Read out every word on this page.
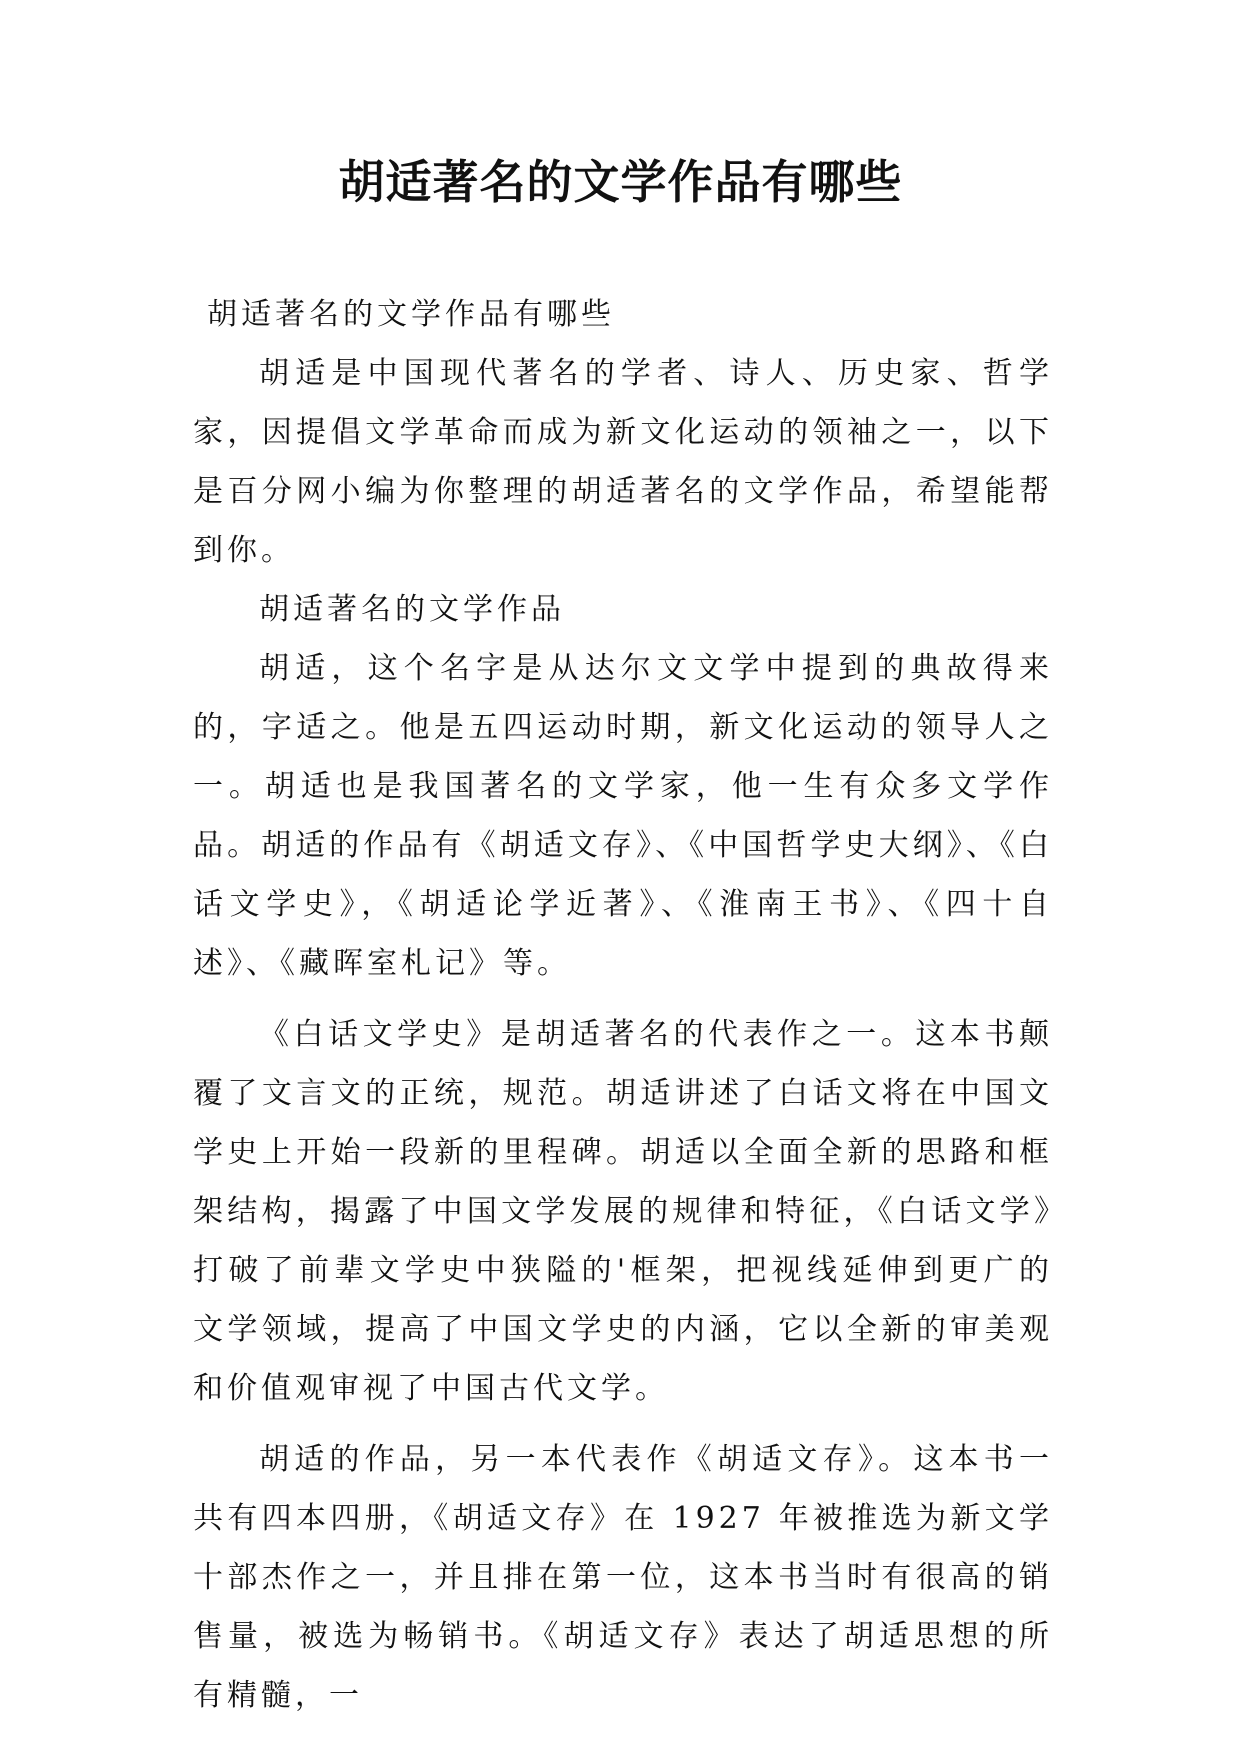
胡适著名的文学作品有哪些

胡适著名的文学作品有哪些

胡适是中国现代著名的学者、诗人、历史家、哲学家，因提倡文学革命而成为新文化运动的领袖之一，以下是百分网小编为你整理的胡适著名的文学作品，希望能帮到你。

胡适著名的文学作品

胡适，这个名字是从达尔文文学中提到的典故得来的，字适之。他是五四运动时期，新文化运动的领导人之一。胡适也是我国著名的文学家，他一生有众多文学作品。胡适的作品有《胡适文存》、《中国哲学史大纲》、《白话文学史》，《胡适论学近著》、《淮南王书》、《四十自述》、《藏晖室札记》等。

《白话文学史》是胡适著名的代表作之一。这本书颠覆了文言文的正统，规范。胡适讲述了白话文将在中国文学史上开始一段新的里程碑。胡适以全面全新的思路和框架结构，揭露了中国文学发展的规律和特征，《白话文学》打破了前辈文学史中狭隘的'框架，把视线延伸到更广的文学领域，提高了中国文学史的内涵，它以全新的审美观和价值观审视了中国古代文学。

胡适的作品，另一本代表作《胡适文存》。这本书一共有四本四册，《胡适文存》在 1927 年被推选为新文学十部杰作之一，并且排在第一位，这本书当时有很高的销售量，被选为畅销书。《胡适文存》表达了胡适思想的所有精髓，一
